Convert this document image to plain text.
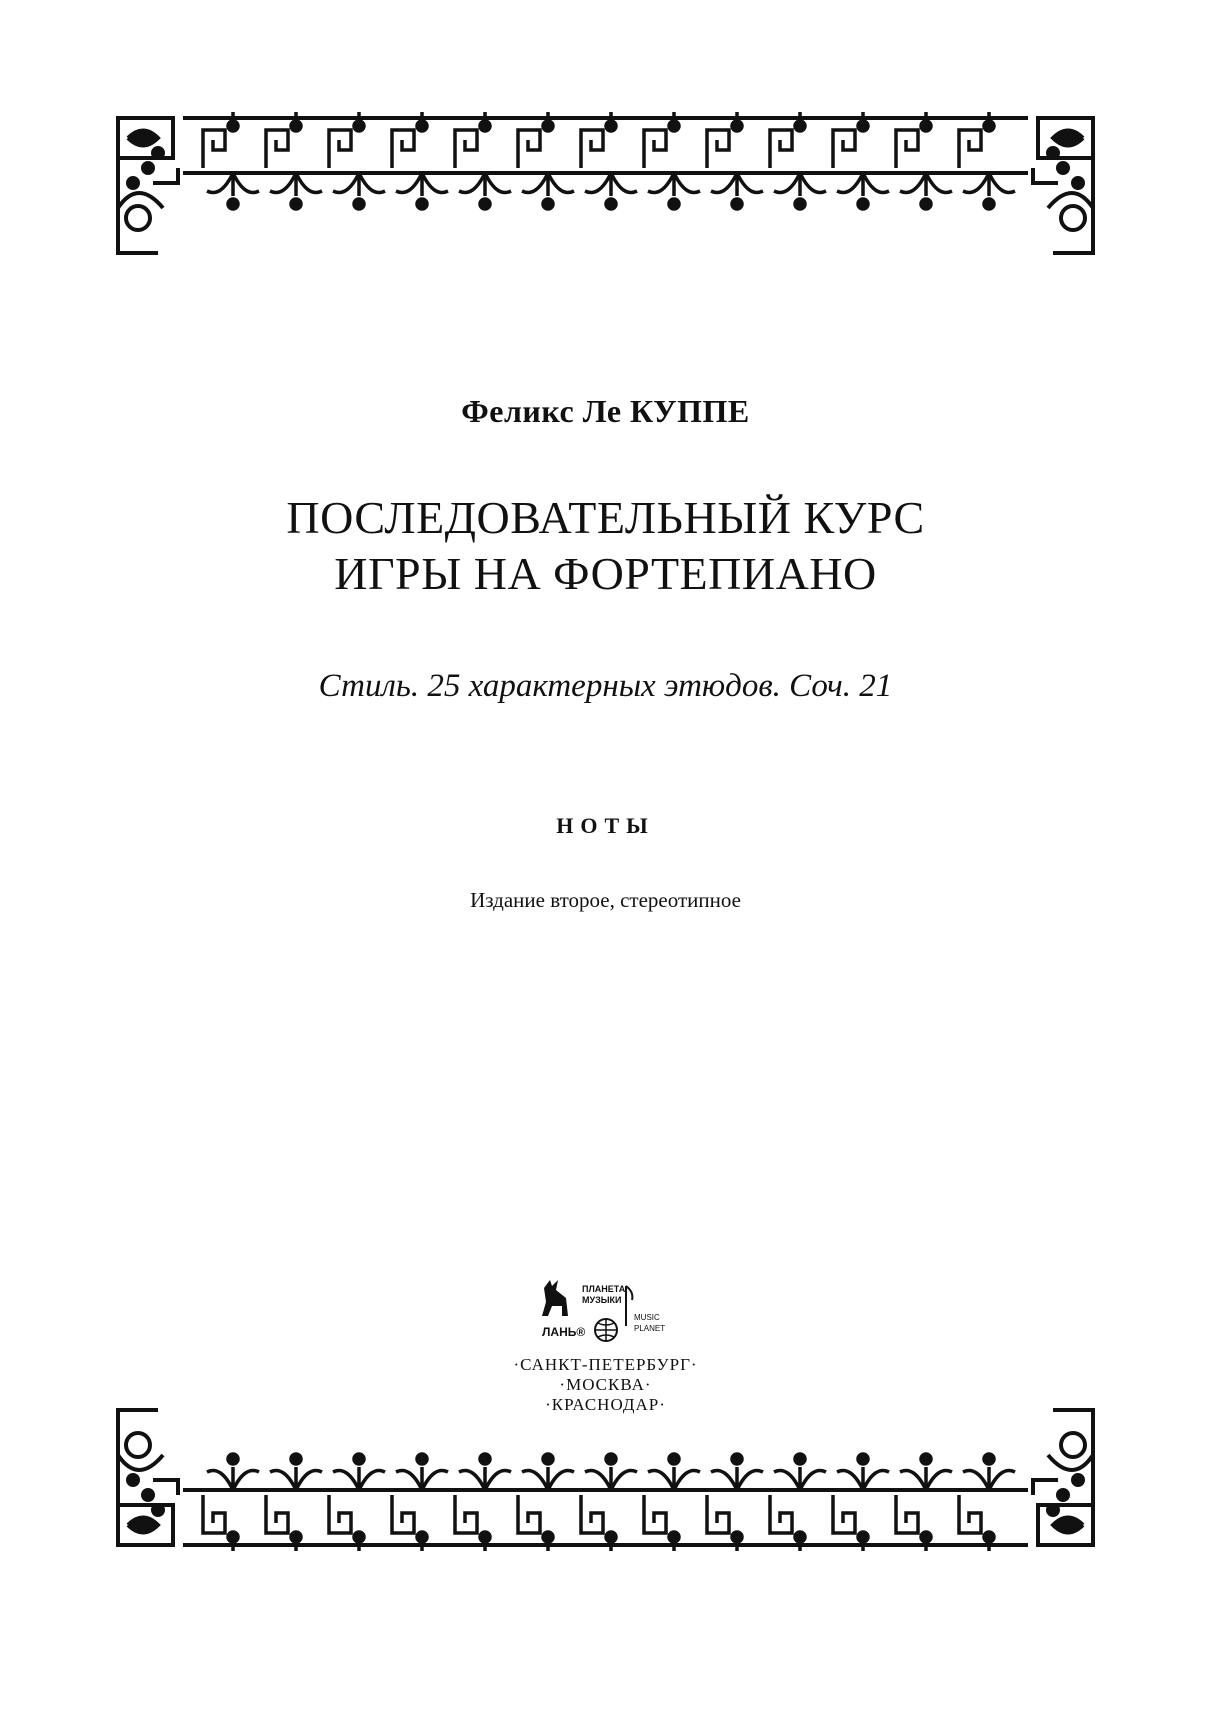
Феликс Ле КУППЕ
ПОСЛЕДОВАТЕЛЬНЫЙ КУРС
ИГРЫ НА ФОРТЕПИАНО
Стиль. 25 характерных этюдов. Соч. 21
НОТЫ
Издание второе, стереотипное
ЛАНЬ®
ПЛАНЕТА
МУЗЫКИ
MUSIC
PLANET
·САНКТ-ПЕТЕРБУРГ·
·МОСКВА·
·КРАСНОДАР·
